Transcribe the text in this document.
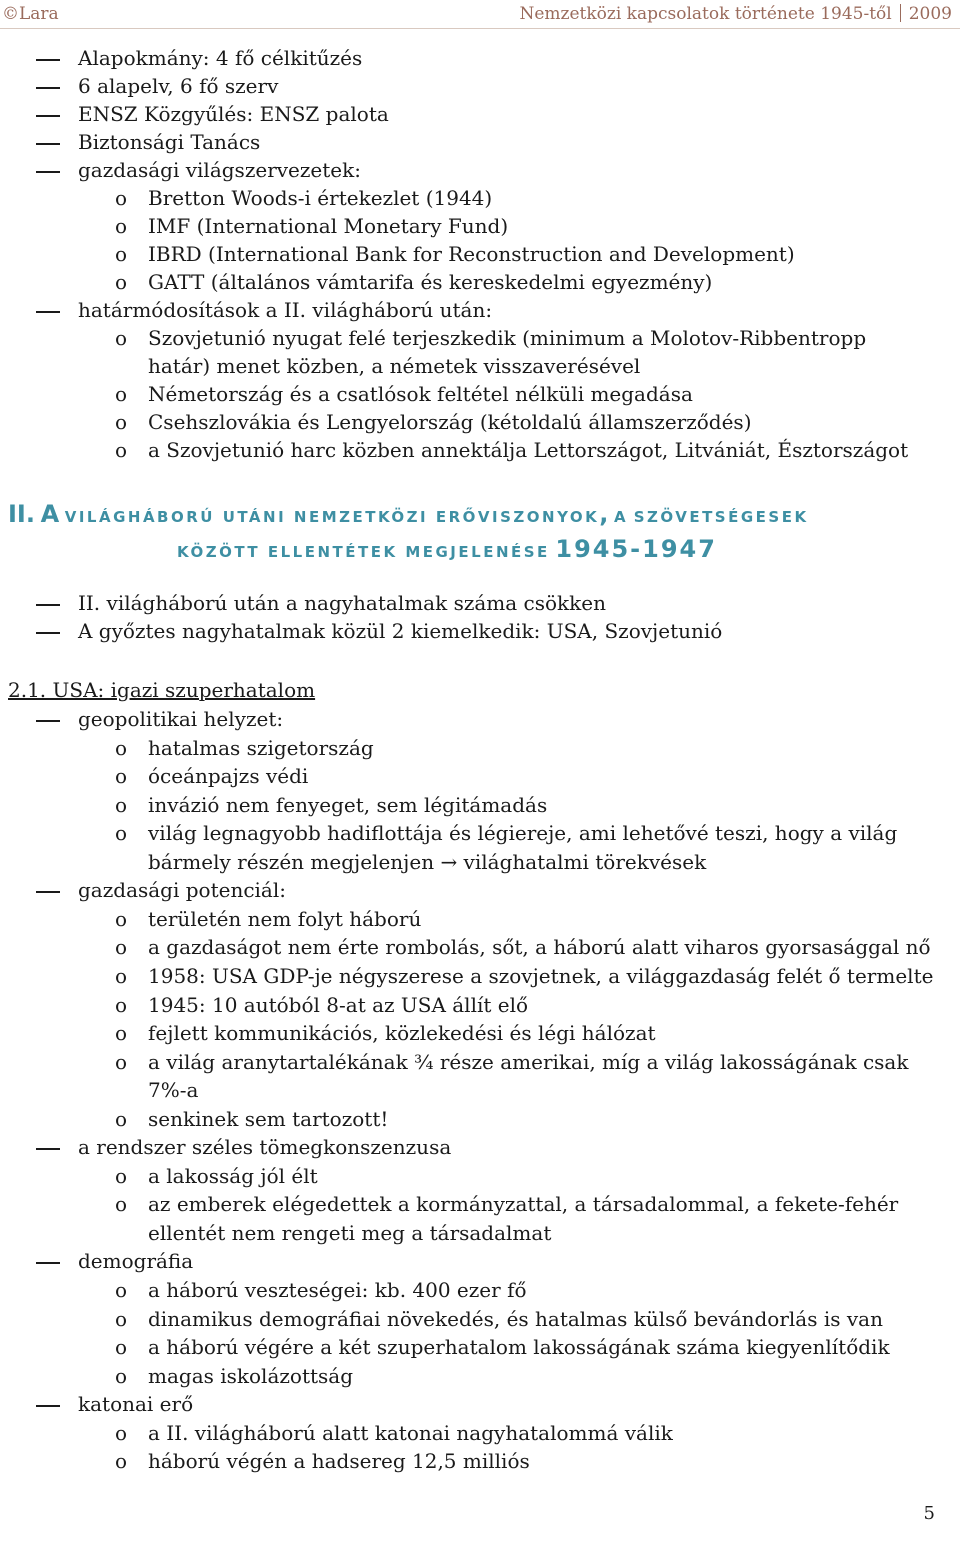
©Lara	Nemzetközi kapcsolatok története 1945-től 2009
Alapokmány: 4 fő célkitűzés
6 alapelv, 6 fő szerv
ENSZ Közgyűlés: ENSZ palota
Biztonsági Tanács
gazdasági világszervezetek:
o Bretton Woods-i értekezlet (1944)
o IMF (International Monetary Fund)
o IBRD (International Bank for Reconstruction and Development)
o GATT (általános vámtarifa és kereskedelmi egyezmény)
határmódosítások a II. világháború után:
o Szovjetunió nyugat felé terjeszkedik (minimum a Molotov-Ribbentropp
határ) menet közben, a németek visszaverésével
o Németország és a csatlósok feltétel nélküli megadása
o Csehszlovákia és Lengyelország (kétoldalú államszerződés)
o a Szovjetunió harc közben annektálja Lettországot, Litvániát, Észtországot
II. A VILÁGHÁBORÚ UTÁNI NEMZETKÖZI ERŐVISZONYOK, A SZÖVETSÉGESEK
KÖZÖTT ELLENTÉTEK MEGJELENÉSE 1945-1947
II. világháború után a nagyhatalmak száma csökken
A győztes nagyhatalmak közül 2 kiemelkedik: USA, Szovjetunió
2.1. USA: igazi szuperhatalom
geopolitikai helyzet:
o hatalmas szigetország
o óceánpajzs védi
o invázió nem fenyeget, sem légitámadás
o világ legnagyobb hadiflottája és légiereje, ami lehetővé teszi, hogy a világ
bármely részén megjelenjen → világhatalmi törekvések
gazdasági potenciál:
o területén nem folyt háború
o a gazdaságot nem érte rombolás, sőt, a háború alatt viharos gyorsasággal nő
o 1958: USA GDP-je négyszerese a szovjetnek, a világgazdaság felét ő termelte
o 1945: 10 autóból 8-at az USA állít elő
o fejlett kommunikációs, közlekedési és légi hálózat
o a világ aranytartalékának ¾ része amerikai, míg a világ lakosságának csak
7%-a
o senkinek sem tartozott!
a rendszer széles tömegkonszenzusa
o a lakosság jól élt
o az emberek elégedettek a kormányzattal, a társadalommal, a fekete-fehér
ellentét nem rengeti meg a társadalmat
demográfia
o a háború veszteségei: kb. 400 ezer fő
o dinamikus demográfiai növekedés, és hatalmas külső bevándorlás is van
o a háború végére a két szuperhatalom lakosságának száma kiegyenlítődik
o magas iskolázottság
katonai erő
o a II. világháború alatt katonai nagyhatalommá válik
o háború végén a hadsereg 12,5 milliós
5
